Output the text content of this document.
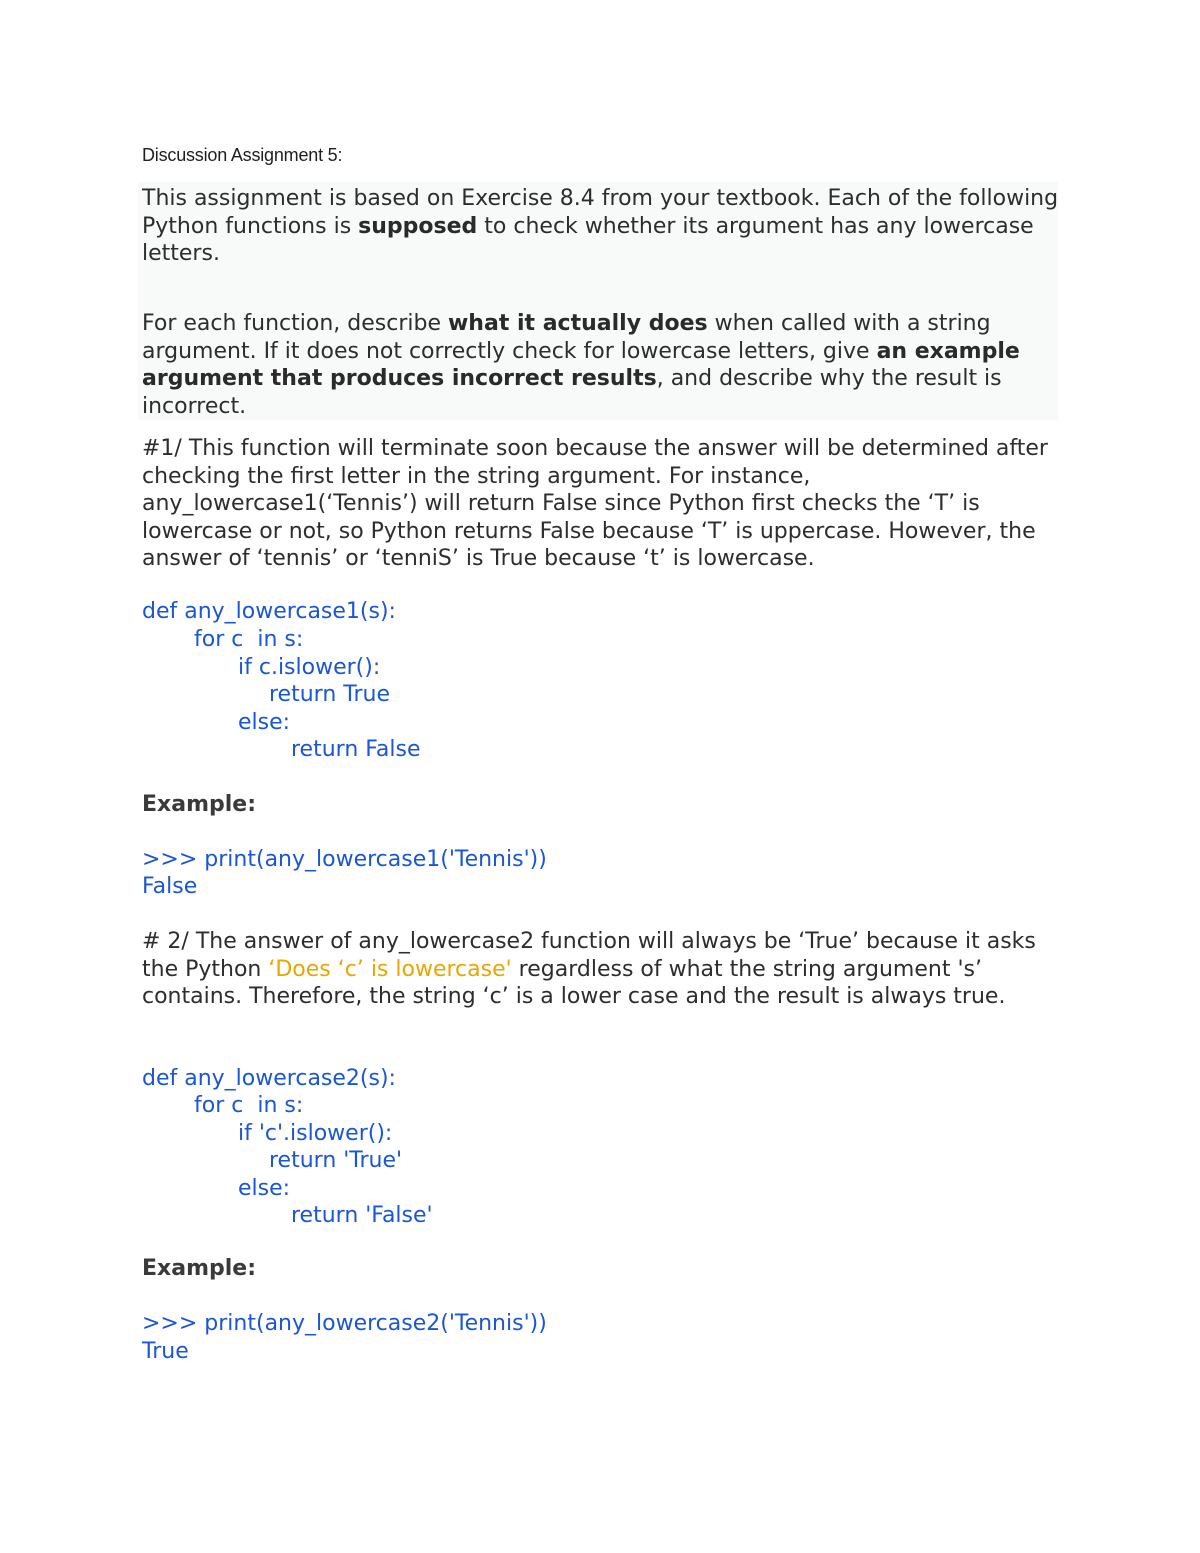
Discussion Assignment 5:

This assignment is based on Exercise 8.4 from your textbook. Each of the following Python functions is supposed to check whether its argument has any lowercase letters.

For each function, describe what it actually does when called with a string argument. If it does not correctly check for lowercase letters, give an example argument that produces incorrect results, and describe why the result is incorrect.

#1/ This function will terminate soon because the answer will be determined after checking the first letter in the string argument. For instance, any_lowercase1(‘Tennis’) will return False since Python first checks the ‘T’ is lowercase or not, so Python returns False because ‘T’ is uppercase. However, the answer of ‘tennis’ or ‘tenniS’ is True because ‘t’ is lowercase.

def any_lowercase1(s):
for c  in s:
if c.islower():
return True
else:
return False
Example:
>>> print(any_lowercase1('Tennis'))
False

# 2/ The answer of any_lowercase2 function will always be ‘True’ because it asks the Python ‘Does ‘c’ is lowercase' regardless of what the string argument 's’ contains. Therefore, the string ‘c’ is a lower case and the result is always true.

def any_lowercase2(s):
for c  in s:
if 'c'.islower():
return 'True'
else:
return 'False'
Example:
>>> print(any_lowercase2('Tennis'))
True
